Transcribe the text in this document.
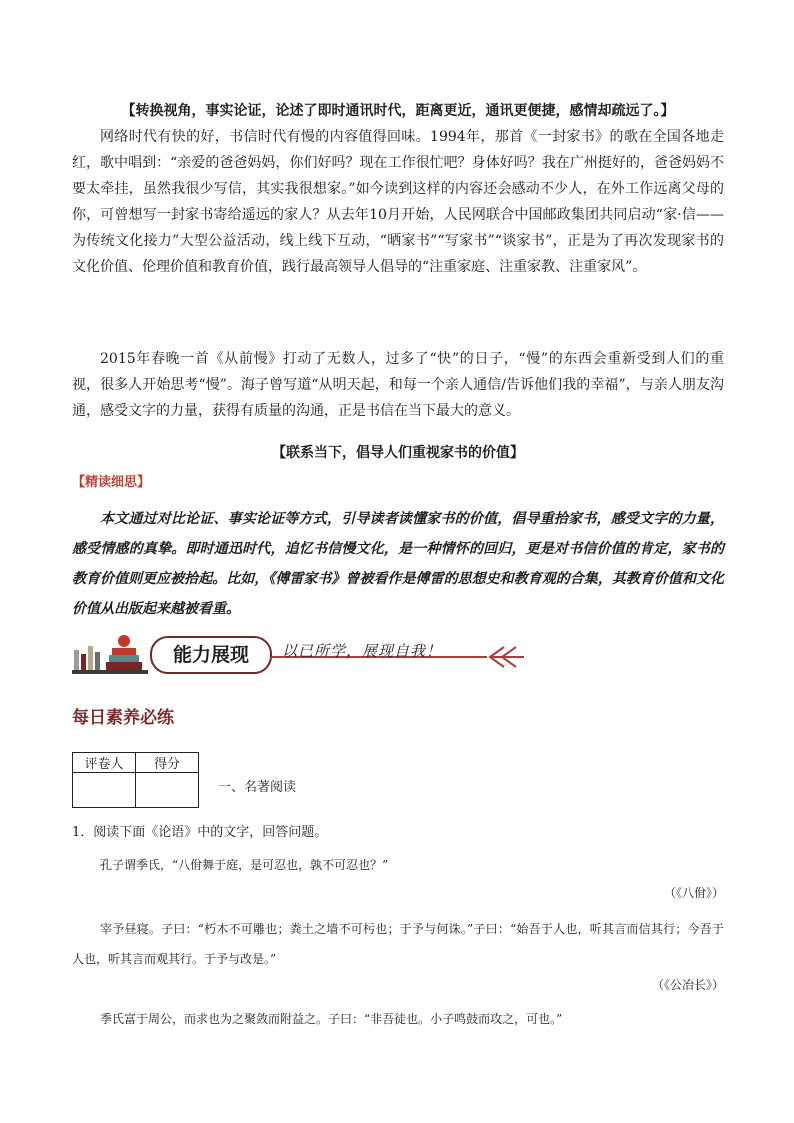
【转换视角，事实论证，论述了即时通讯时代，距离更近，通讯更便捷，感情却疏远了。】

网络时代有快的好，书信时代有慢的内容值得回味。1994年，那首《一封家书》的歌在全国各地走红，歌中唱到：“亲爱的爸爸妈妈，你们好吗？现在工作很忙吧？身体好吗？我在广州挺好的，爸爸妈妈不要太牵挂，虽然我很少写信，其实我很想家。”如今读到这样的内容还会感动不少人，在外工作远离父母的你，可曾想写一封家书寄给遥远的家人？从去年10月开始，人民网联合中国邮政集团共同启动“家·信——为传统文化接力”大型公益活动，线上线下互动，“晒家书”“写家书”“谈家书”，正是为了再次发现家书的文化价值、伦理价值和教育价值，践行最高领导人倡导的“注重家庭、注重家教、注重家风”。

2015年春晚一首《从前慢》打动了无数人，过多了“快”的日子，“慢”的东西会重新受到人们的重视，很多人开始思考“慢”。海子曾写道“从明天起，和每一个亲人通信/告诉他们我的幸福”，与亲人朋友沟通，感受文字的力量，获得有质量的沟通，正是书信在当下最大的意义。

【联系当下，倡导人们重视家书的价值】

【精读细思】

本文通过对比论证、事实论证等方式，引导读者读懂家书的价值，倡导重拾家书，感受文字的力量，感受情感的真挚。即时通迅时代，追忆书信慢文化，是一种情怀的回归，更是对书信价值的肯定，家书的教育价值则更应被拾起。比如，《傅雷家书》曾被看作是傅雷的思想史和教育观的合集，其教育价值和文化价值从出版起来越被看重。

能力展现	以已所学，展现自我！
每日素养必练
评卷人	得分

一、名著阅读

1．阅读下面《论语》中的文字，回答问题。

孔子谓季氏，“八佾舞于庭，是可忍也，孰不可忍也？”

（《八佾》）

宰予昼寝。子曰：“朽木不可雕也；粪土之墙不可杇也；于予与何诛。”子曰：“始吾于人也，听其言而信其行；今吾于人也，听其言而观其行。于予与改是。”

（《公冶长》）

季氏富于周公，而求也为之聚敛而附益之。子曰：“非吾徒也。小子鸣鼓而攻之，可也。”
